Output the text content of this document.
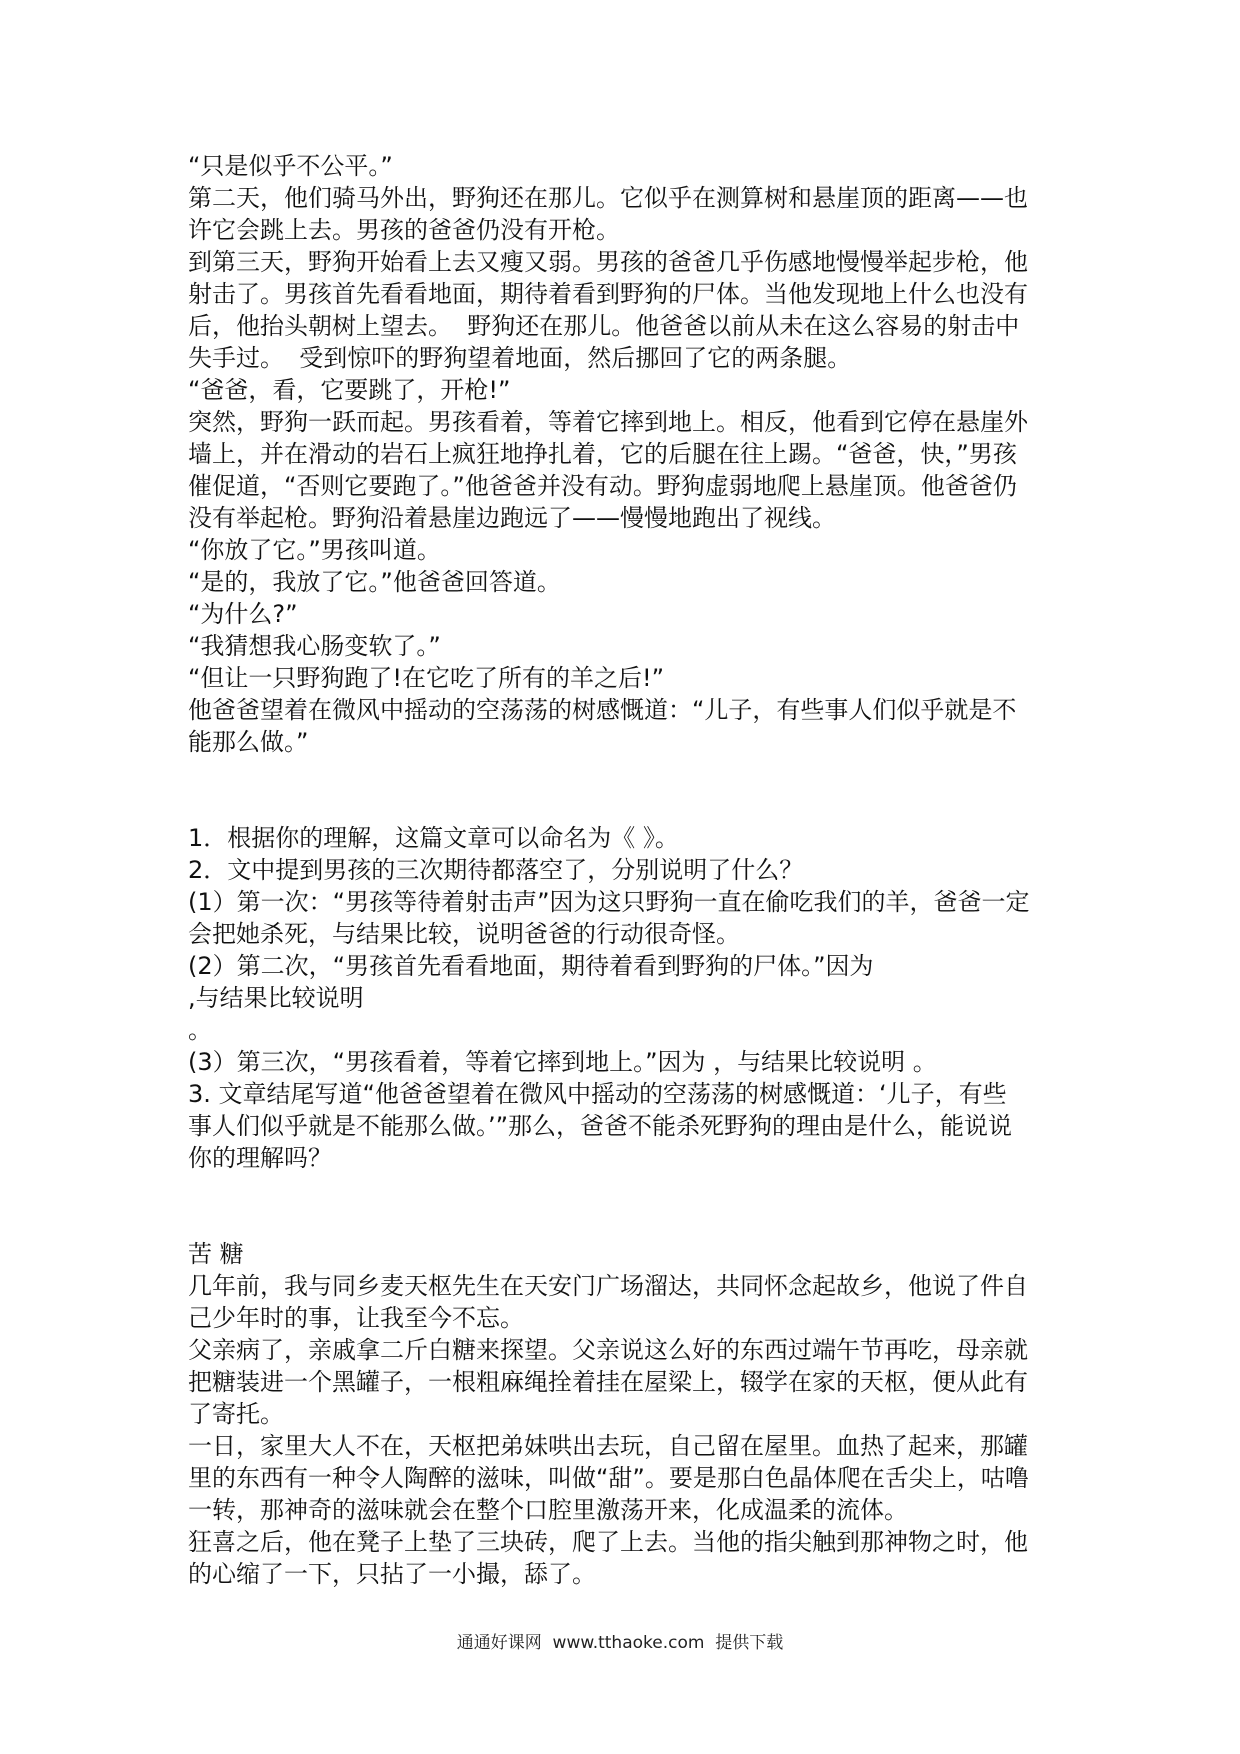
“只是似乎不公平。”
第二天，他们骑马外出，野狗还在那儿。它似乎在测算树和悬崖顶的距离——也
许它会跳上去。男孩的爸爸仍没有开枪。
到第三天，野狗开始看上去又瘦又弱。男孩的爸爸几乎伤感地慢慢举起步枪，他
射击了。男孩首先看看地面，期待着看到野狗的尸体。当他发现地上什么也没有
后，他抬头朝树上望去。  野狗还在那儿。他爸爸以前从未在这么容易的射击中
失手过。  受到惊吓的野狗望着地面，然后挪回了它的两条腿。
“爸爸，看，它要跳了，开枪!”
突然，野狗一跃而起。男孩看着，等着它摔到地上。相反，他看到它停在悬崖外
墙上，并在滑动的岩石上疯狂地挣扎着，它的后腿在往上踢。“爸爸，快，”男孩
催促道，“否则它要跑了。”他爸爸并没有动。野狗虚弱地爬上悬崖顶。他爸爸仍
没有举起枪。野狗沿着悬崖边跑远了——慢慢地跑出了视线。
“你放了它。”男孩叫道。
“是的，我放了它。”他爸爸回答道。
“为什么?”
“我猜想我心肠变软了。”
“但让一只野狗跑了!在它吃了所有的羊之后!”
他爸爸望着在微风中摇动的空荡荡的树感慨道：“儿子，有些事人们似乎就是不
能那么做。”
1．根据你的理解，这篇文章可以命名为《 》。
2．文中提到男孩的三次期待都落空了，分别说明了什么？
(1）第一次：“男孩等待着射击声”因为这只野狗一直在偷吃我们的羊，爸爸一定
会把她杀死，与结果比较，说明爸爸的行动很奇怪。
(2）第二次，“男孩首先看看地面，期待着看到野狗的尸体。”因为
,与结果比较说明
。
(3）第三次，“男孩看着，等着它摔到地上。”因为 ，与结果比较说明 。
3. 文章结尾写道“他爸爸望着在微风中摇动的空荡荡的树感慨道：‘儿子，有些
事人们似乎就是不能那么做。’”那么，爸爸不能杀死野狗的理由是什么，能说说
你的理解吗？
苦 糖
几年前，我与同乡麦天枢先生在天安门广场溜达，共同怀念起故乡，他说了件自
己少年时的事，让我至今不忘。
父亲病了，亲戚拿二斤白糖来探望。父亲说这么好的东西过端午节再吃，母亲就
把糖装进一个黑罐子，一根粗麻绳拴着挂在屋梁上，辍学在家的天枢，便从此有
了寄托。
一日，家里大人不在，天枢把弟妹哄出去玩，自己留在屋里。血热了起来，那罐
里的东西有一种令人陶醉的滋味，叫做“甜”。要是那白色晶体爬在舌尖上，咕噜
一转，那神奇的滋味就会在整个口腔里激荡开来，化成温柔的流体。
狂喜之后，他在凳子上垫了三块砖，爬了上去。当他的指尖触到那神物之时，他
的心缩了一下，只拈了一小撮，舔了。
通通好课网  www.tthaoke.com  提供下载
